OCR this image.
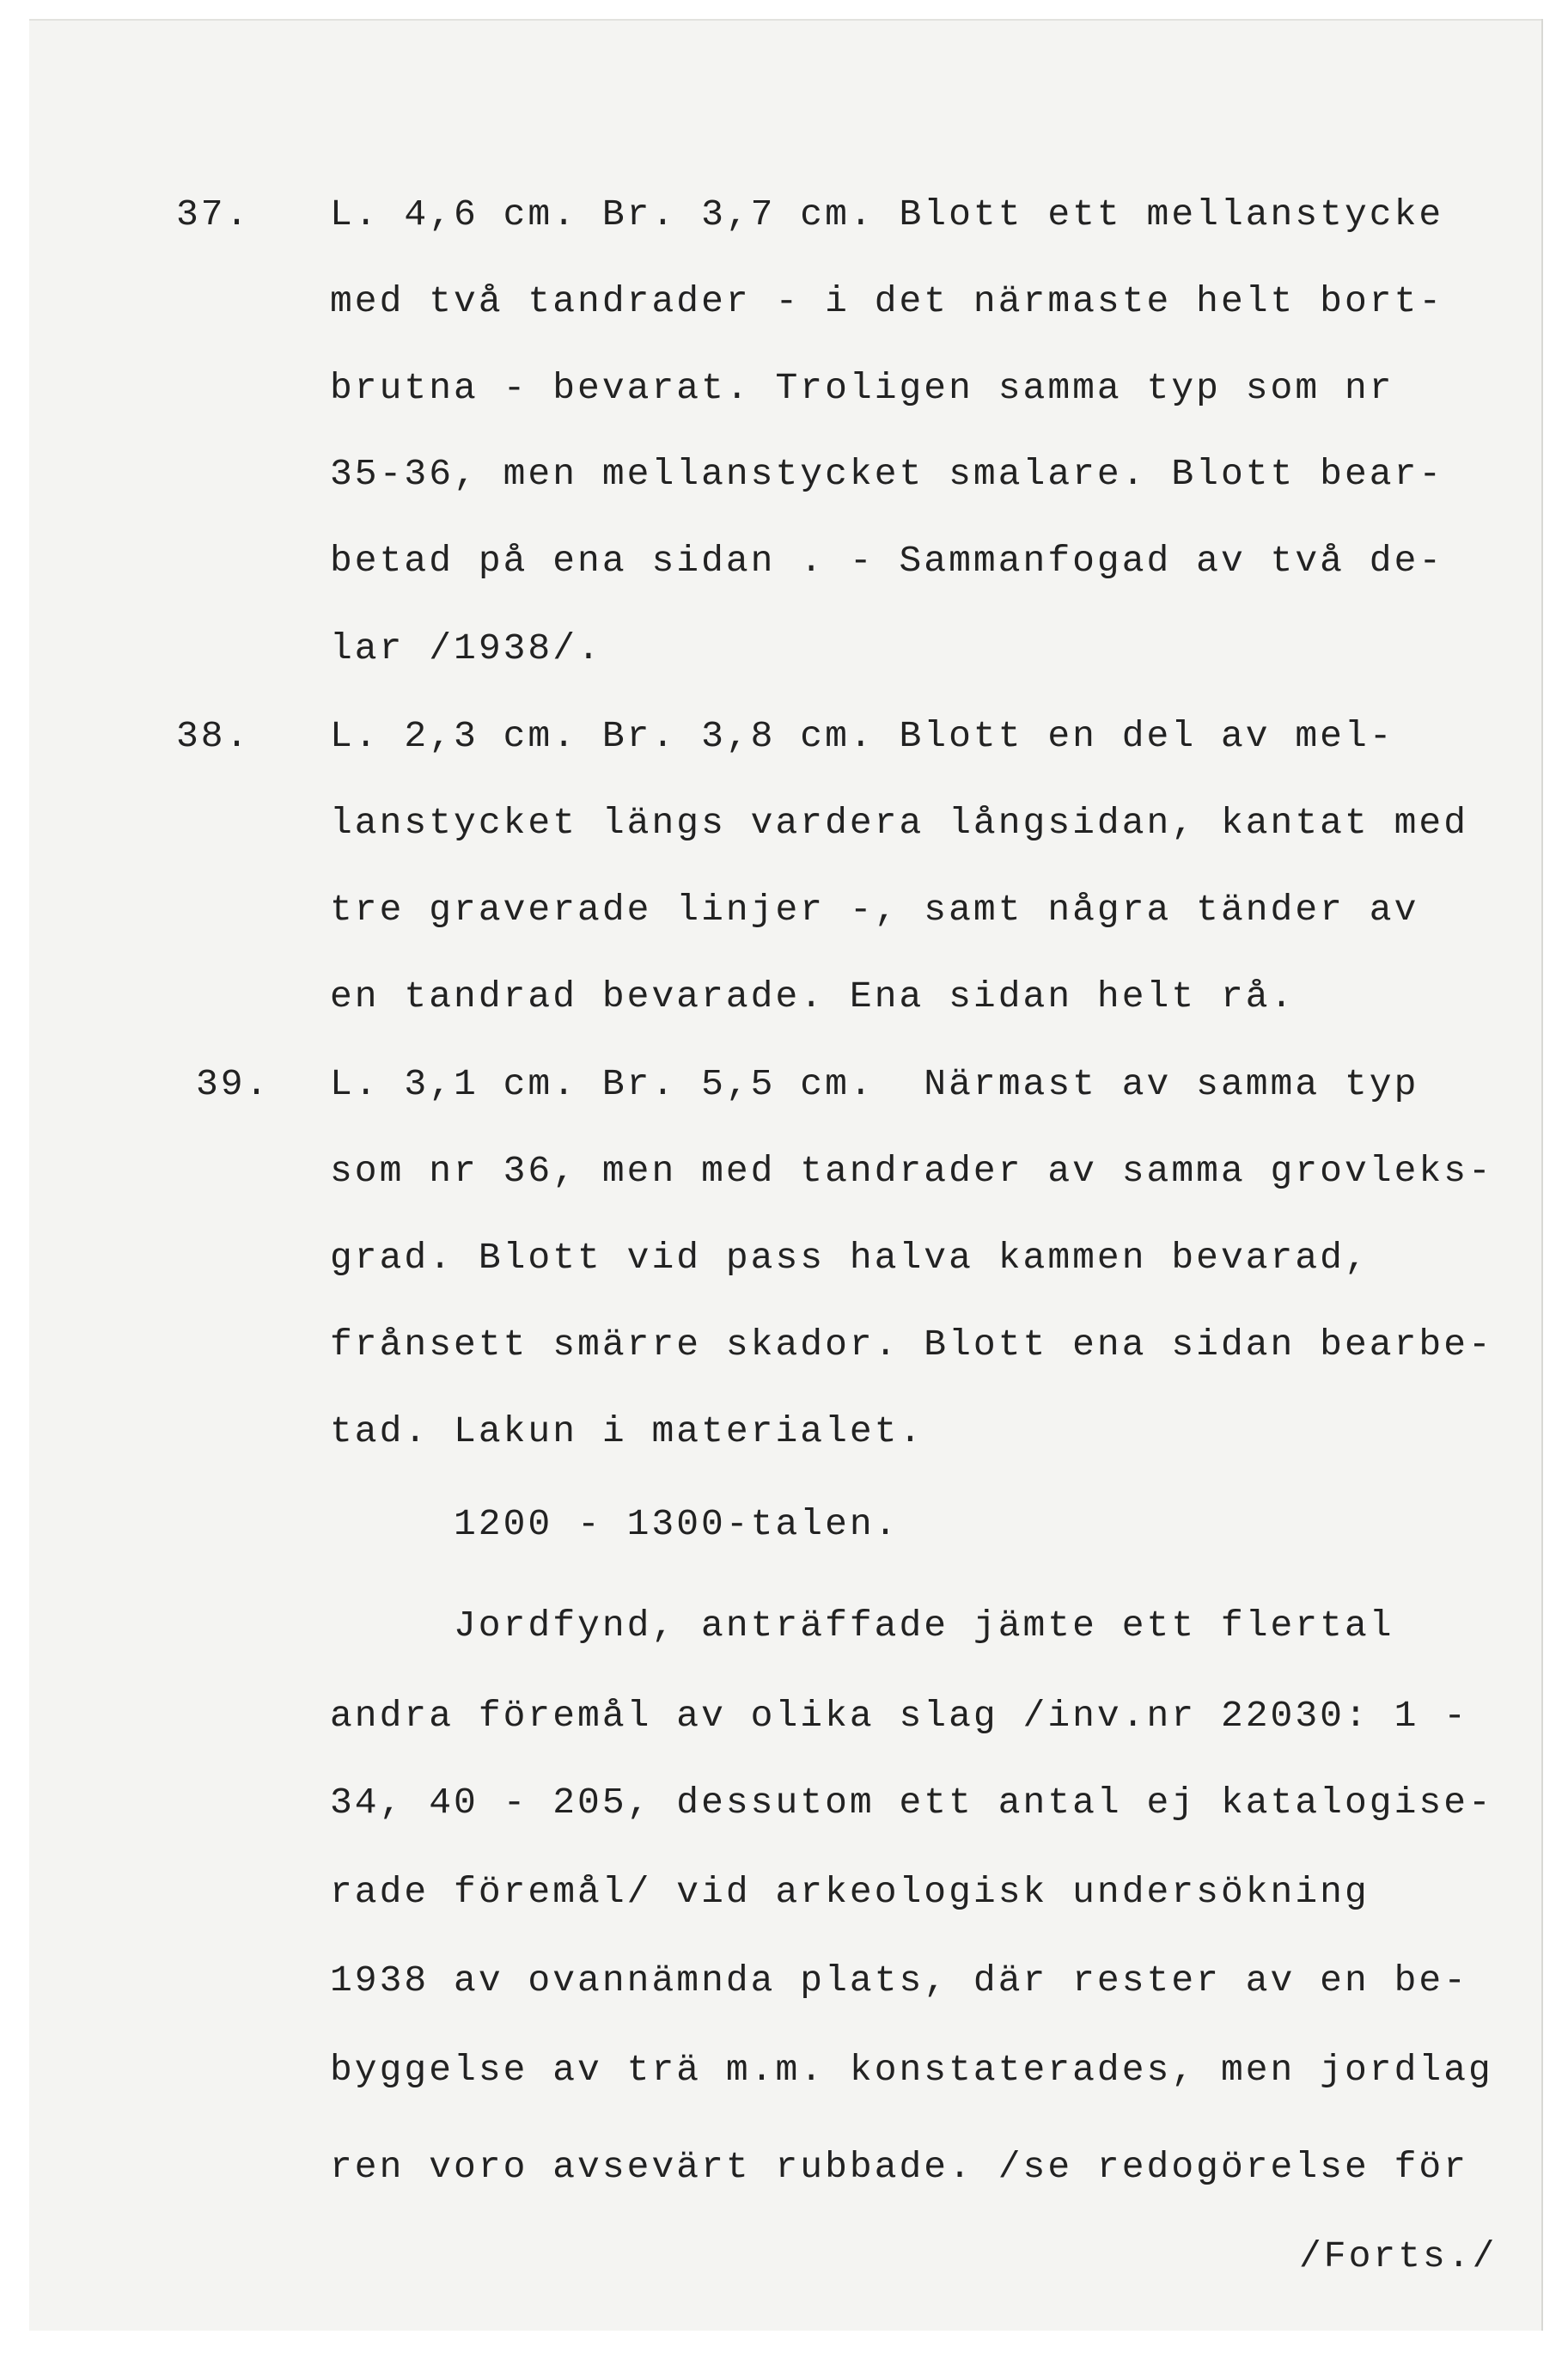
37. L. 4,6 cm. Br. 3,7 cm. Blott ett mellanstycke
med två tandrader - i det närmaste helt bort-
brutna - bevarat. Troligen samma typ som nr
35-36, men mellanstycket smalare. Blott bear-
betad på ena sidan . - Sammanfogad av två de-
lar /1938/.
38. L. 2,3 cm. Br. 3,8 cm. Blott en del av mel-
lanstycket längs vardera långsidan, kantat med
tre graverade linjer -, samt några tänder av
en tandrad bevarade. Ena sidan helt rå.
39. L. 3,1 cm. Br. 5,5 cm.  Närmast av samma typ
som nr 36, men med tandrader av samma grovleks-
grad. Blott vid pass halva kammen bevarad,
frånsett smärre skador. Blott ena sidan bearbe-
tad. Lakun i materialet.
1200 - 1300-talen.
Jordfynd, anträffade jämte ett flertal
andra föremål av olika slag /inv.nr 22030: 1 -
34, 40 - 205, dessutom ett antal ej katalogise-
rade föremål/ vid arkeologisk undersökning
1938 av ovannämnda plats, där rester av en be-
byggelse av trä m.m. konstaterades, men jordlag
ren voro avsevärt rubbade. /se redogörelse för
/Forts./
